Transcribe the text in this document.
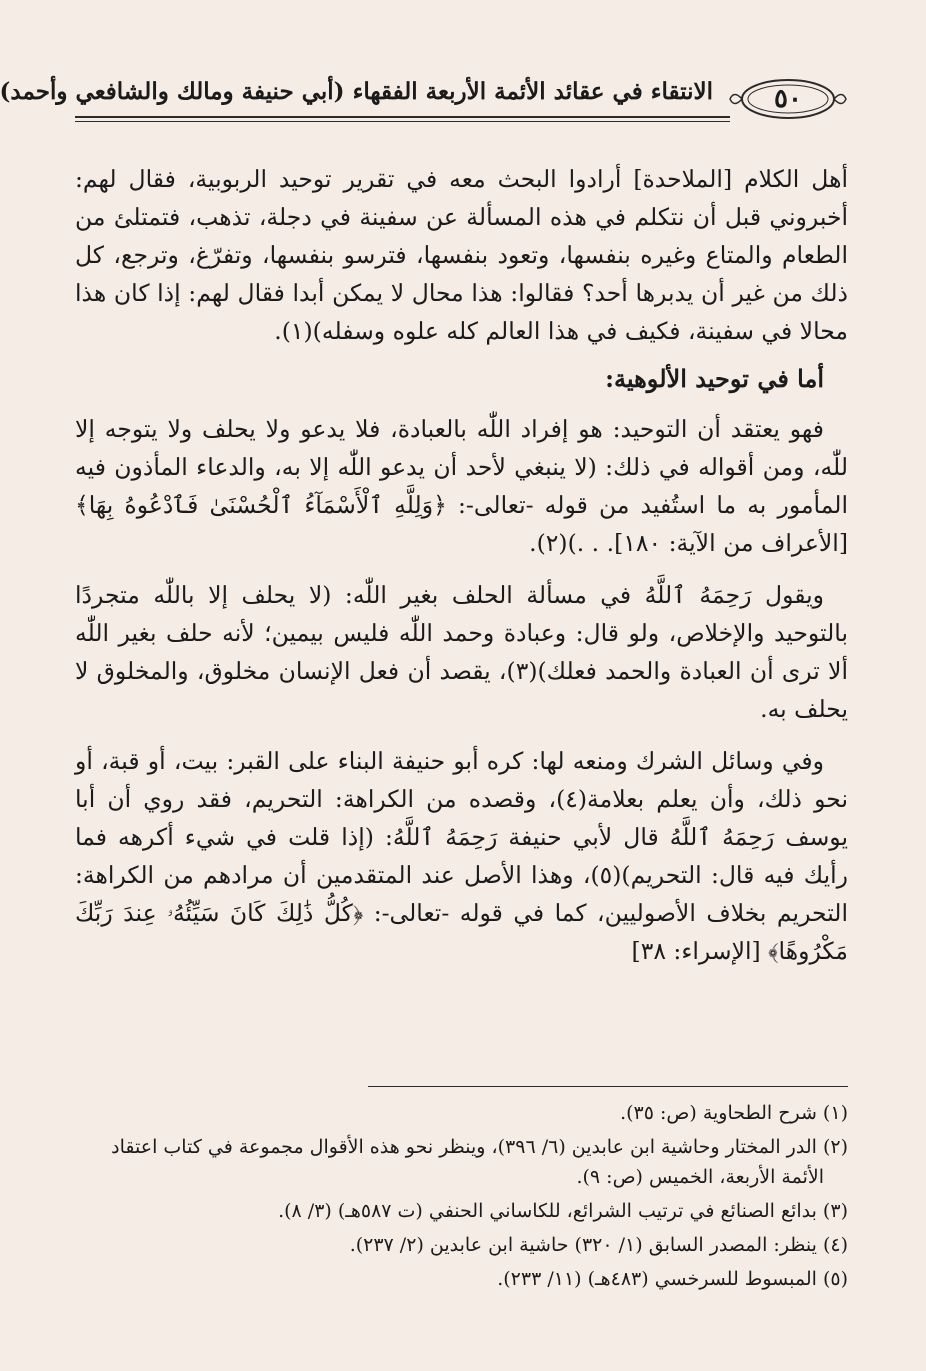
٥٠
الانتقاء في عقائد الأئمة الأربعة الفقهاء (أبي حنيفة ومالك والشافعي وأحمد)

أهل الكلام [الملاحدة] أرادوا البحث معه في تقرير توحيد الربوبية، فقال لهم: أخبروني قبل أن نتكلم في هذه المسألة عن سفينة في دجلة، تذهب، فتمتلئ من الطعام والمتاع وغيره بنفسها، وتعود بنفسها، فترسو بنفسها، وتفرّغ، وترجع، كل ذلك من غير أن يدبرها أحد؟ فقالوا: هذا محال لا يمكن أبدا فقال لهم: إذا كان هذا محالا في سفينة، فكيف في هذا العالم كله علوه وسفله)(١).

أما في توحيد الألوهية:

فهو يعتقد أن التوحيد: هو إفراد اللّٰه بالعبادة، فلا يدعو ولا يحلف ولا يتوجه إلا للّٰه، ومن أقواله في ذلك: (لا ينبغي لأحد أن يدعو اللّٰه إلا به، والدعاء المأذون فيه المأمور به ما استُفيد من قوله -تعالى-: ﴿وَلِلَّهِ ٱلْأَسْمَآءُ ٱلْحُسْنَىٰ فَٱدْعُوهُ بِهَا﴾ [الأعراف من الآية: ١٨٠]. . .)(٢).

ويقول رَحِمَهُ ٱللَّهُ في مسألة الحلف بغير اللّٰه: (لا يحلف إلا باللّٰه متجردًا بالتوحيد والإخلاص، ولو قال: وعبادة وحمد اللّٰه فليس بيمين؛ لأنه حلف بغير اللّٰه ألا ترى أن العبادة والحمد فعلك)(٣)، يقصد أن فعل الإنسان مخلوق، والمخلوق لا يحلف به.

وفي وسائل الشرك ومنعه لها: كره أبو حنيفة البناء على القبر: بيت، أو قبة، أو نحو ذلك، وأن يعلم بعلامة(٤)، وقصده من الكراهة: التحريم، فقد روي أن أبا يوسف رَحِمَهُ ٱللَّهُ قال لأبي حنيفة رَحِمَهُ ٱللَّهُ: (إذا قلت في شيء أكرهه فما رأيك فيه قال: التحريم)(٥)، وهذا الأصل عند المتقدمين أن مرادهم من الكراهة: التحريم بخلاف الأصوليين، كما في قوله -تعالى-: ﴿كُلُّ ذَٰلِكَ كَانَ سَيِّئُهُۥ عِندَ رَبِّكَ مَكْرُوهًا﴾ [الإسراء: ٣٨]

(١) شرح الطحاوية (ص: ٣٥).

(٢) الدر المختار وحاشية ابن عابدين (٦/ ٣٩٦)، وينظر نحو هذه الأقوال مجموعة في كتاب اعتقاد
الأئمة الأربعة، الخميس (ص: ٩).

(٣) بدائع الصنائع في ترتيب الشرائع، للكاساني الحنفي (ت ٥٨٧هـ) (٣/ ٨).

(٤) ينظر: المصدر السابق (١/ ٣٢٠) حاشية ابن عابدين (٢/ ٢٣٧).

(٥) المبسوط للسرخسي (٤٨٣هـ) (١١/ ٢٣٣).
